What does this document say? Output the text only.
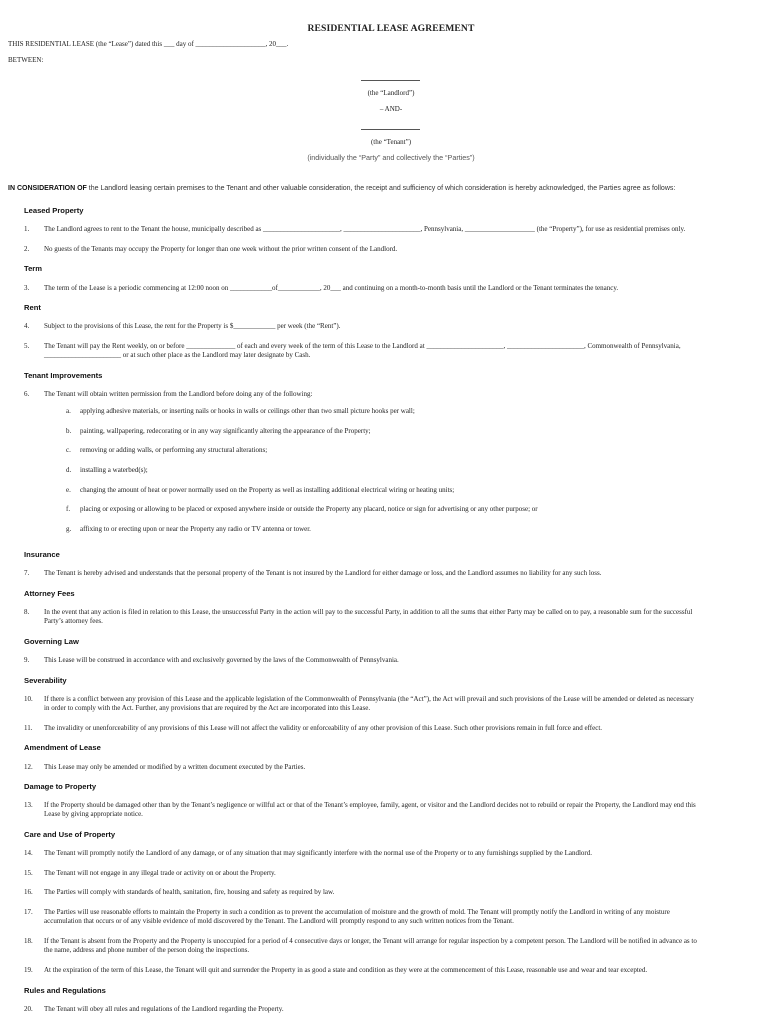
RESIDENTIAL LEASE AGREEMENT
THIS RESIDENTIAL LEASE (the “Lease”) dated this ___ day of ____________________, 20___.
BETWEEN:
(the “Landlord”)
– AND-
(the “Tenant”)
(individually the “Party” and collectively the “Parties”)
IN CONSIDERATION OF the Landlord leasing certain premises to the Tenant and other valuable consideration, the receipt and sufficiency of which consideration is hereby acknowledged, the Parties agree as follows:
Leased Property
1. The Landlord agrees to rent to the Tenant the house, municipally described as ______________________, ______________________, Pennsylvania, ____________________ (the “Property”), for use as residential premises only.
2. No guests of the Tenants may occupy the Property for longer than one week without the prior written consent of the Landlord.
Term
3. The term of the Lease is a periodic commencing at 12:00 noon on ____________of____________, 20___ and continuing on a month-to-month basis until the Landlord or the Tenant terminates the tenancy.
Rent
4. Subject to the provisions of this Lease, the rent for the Property is $____________ per week (the “Rent”).
5. The Tenant will pay the Rent weekly, on or before ______________ of each and every week of the term of this Lease to the Landlord at ______________________, ______________________, Commonwealth of Pennsylvania,
______________________ or at such other place as the Landlord may later designate by Cash.
Tenant Improvements
6. The Tenant will obtain written permission from the Landlord before doing any of the following:
a. applying adhesive materials, or inserting nails or hooks in walls or ceilings other than two small picture hooks per wall;
b. painting, wallpapering, redecorating or in any way significantly altering the appearance of the Property;
c. removing or adding walls, or performing any structural alterations;
d. installing a waterbed(s);
e. changing the amount of heat or power normally used on the Property as well as installing additional electrical wiring or heating units;
f. placing or exposing or allowing to be placed or exposed anywhere inside or outside the Property any placard, notice or sign for advertising or any other purpose; or
g. affixing to or erecting upon or near the Property any radio or TV antenna or tower.
Insurance
7. The Tenant is hereby advised and understands that the personal property of the Tenant is not insured by the Landlord for either damage or loss, and the Landlord assumes no liability for any such loss.
Attorney Fees
8. In the event that any action is filed in relation to this Lease, the unsuccessful Party in the action will pay to the successful Party, in addition to all the sums that either Party may be called on to pay, a reasonable sum for the successful
Party’s attorney fees.
Governing Law
9. This Lease will be construed in accordance with and exclusively governed by the laws of the Commonwealth of Pennsylvania.
Severability
10. If there is a conflict between any provision of this Lease and the applicable legislation of the Commonwealth of Pennsylvania (the “Act”), the Act will prevail and such provisions of the Lease will be amended or deleted as necessary
in order to comply with the Act. Further, any provisions that are required by the Act are incorporated into this Lease.
11. The invalidity or unenforceability of any provisions of this Lease will not affect the validity or enforceability of any other provision of this Lease. Such other provisions remain in full force and effect.
Amendment of Lease
12. This Lease may only be amended or modified by a written document executed by the Parties.
Damage to Property
13. If the Property should be damaged other than by the Tenant’s negligence or willful act or that of the Tenant’s employee, family, agent, or visitor and the Landlord decides not to rebuild or repair the Property, the Landlord may end this
Lease by giving appropriate notice.
Care and Use of Property
14. The Tenant will promptly notify the Landlord of any damage, or of any situation that may significantly interfere with the normal use of the Property or to any furnishings supplied by the Landlord.
15. The Tenant will not engage in any illegal trade or activity on or about the Property.
16. The Parties will comply with standards of health, sanitation, fire, housing and safety as required by law.
17. The Parties will use reasonable efforts to maintain the Property in such a condition as to prevent the accumulation of moisture and the growth of mold. The Tenant will promptly notify the Landlord in writing of any moisture
accumulation that occurs or of any visible evidence of mold discovered by the Tenant. The Landlord will promptly respond to any such written notices from the Tenant.
18. If the Tenant is absent from the Property and the Property is unoccupied for a period of 4 consecutive days or longer, the Tenant will arrange for regular inspection by a competent person. The Landlord will be notified in advance as to
the name, address and phone number of the person doing the inspections.
19. At the expiration of the term of this Lease, the Tenant will quit and surrender the Property in as good a state and condition as they were at the commencement of this Lease, reasonable use and wear and tear excepted.
Rules and Regulations
20. The Tenant will obey all rules and regulations of the Landlord regarding the Property.
